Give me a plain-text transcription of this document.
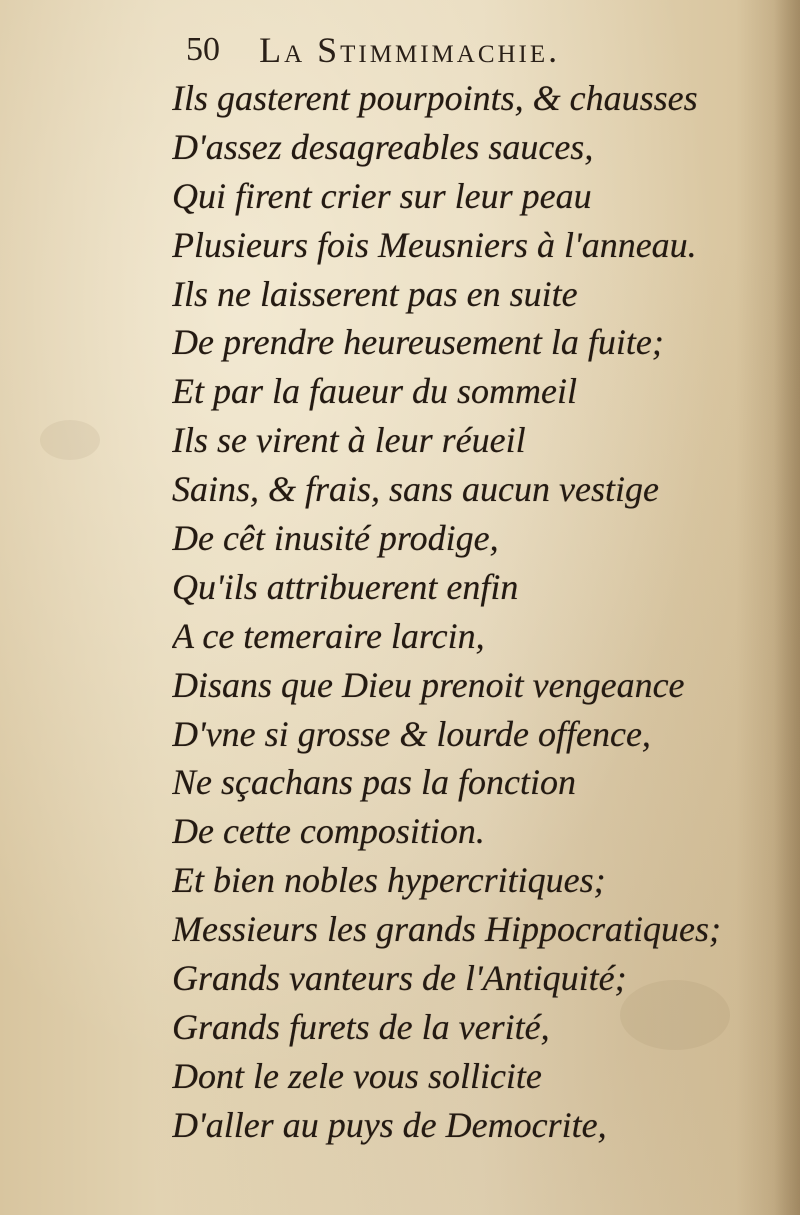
50 La Stimmimachie.
Ils gasterent pourpoints, & chausses
D'assez desagreables sauces,
Qui firent crier sur leur peau
Plusieurs fois Meusniers à l'anneau.
Ils ne laisserent pas en suite
De prendre heureusement la fuite;
Et par la faueur du sommeil
Ils se virent à leur réueil
Sains, & frais, sans aucun vestige
De cêt inusité prodige,
Qu'ils attribuerent enfin
A ce temeraire larcin,
Disans que Dieu prenoit vengeance
D'vne si grosse & lourde offence,
Ne sçachans pas la fonction
De cette composition.
Et bien nobles hypercritiques;
Messieurs les grands Hippocratiques;
Grands vanteurs de l'Antiquité;
Grands furets de la verité,
Dont le zele vous sollicite
D'aller au puys de Democrite,
